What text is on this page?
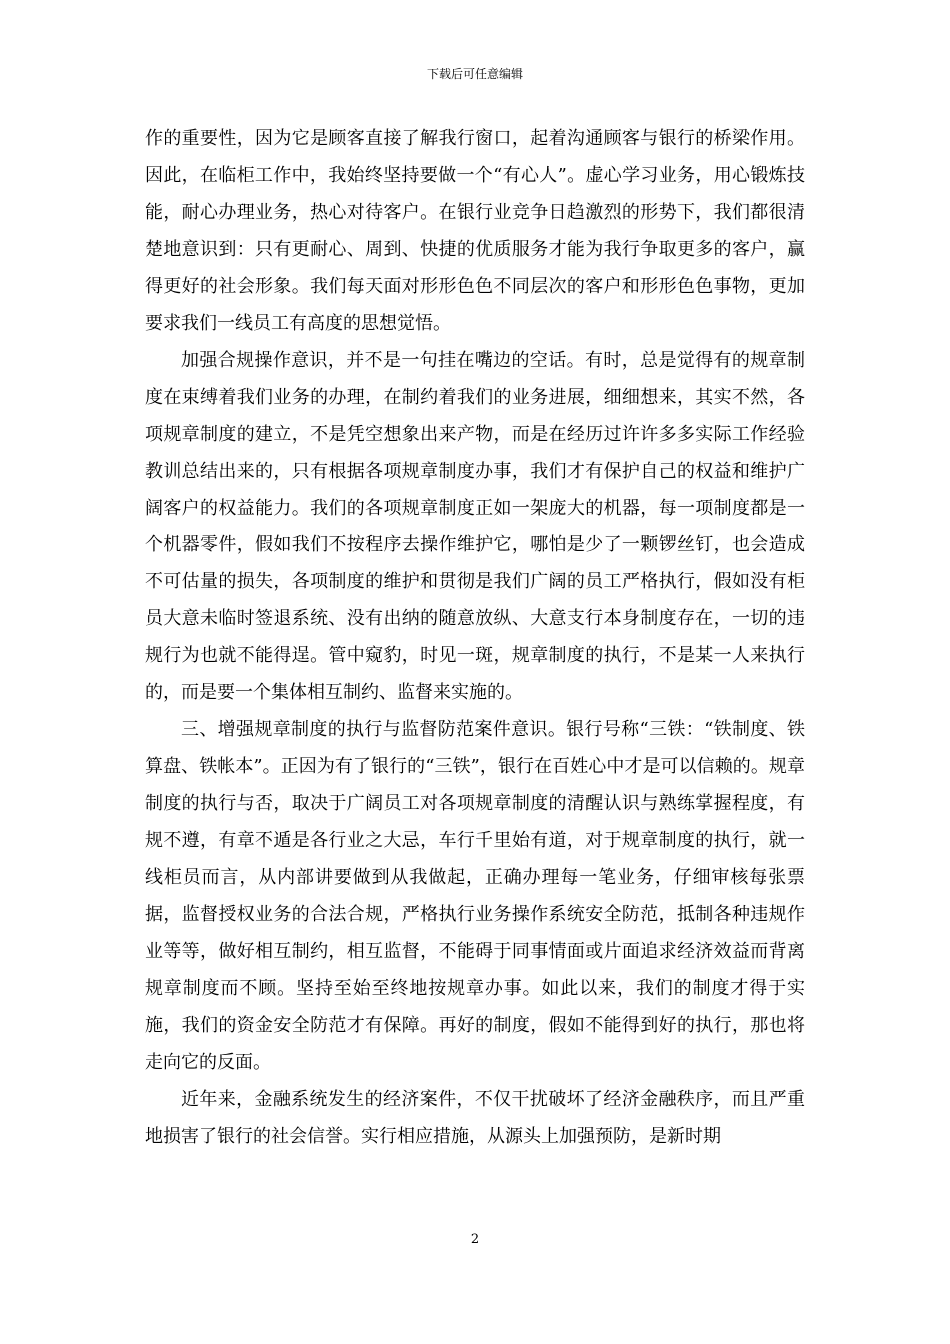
下载后可任意编辑

作的重要性，因为它是顾客直接了解我行窗口，起着沟通顾客与银行的桥梁作用。因此，在临柜工作中，我始终坚持要做一个“有心人”。虚心学习业务，用心锻炼技能，耐心办理业务，热心对待客户。在银行业竞争日趋激烈的形势下，我们都很清楚地意识到：只有更耐心、周到、快捷的优质服务才能为我行争取更多的客户，赢得更好的社会形象。我们每天面对形形色色不同层次的客户和形形色色事物，更加要求我们一线员工有高度的思想觉悟。

加强合规操作意识，并不是一句挂在嘴边的空话。有时，总是觉得有的规章制度在束缚着我们业务的办理，在制约着我们的业务进展，细细想来，其实不然，各项规章制度的建立，不是凭空想象出来产物，而是在经历过许许多多实际工作经验教训总结出来的，只有根据各项规章制度办事，我们才有保护自己的权益和维护广阔客户的权益能力。我们的各项规章制度正如一架庞大的机器，每一项制度都是一个机器零件，假如我们不按程序去操作维护它，哪怕是少了一颗锣丝钉，也会造成不可估量的损失，各项制度的维护和贯彻是我们广阔的员工严格执行，假如没有柜员大意未临时签退系统、没有出纳的随意放纵、大意支行本身制度存在，一切的违规行为也就不能得逞。管中窥豹，时见一斑，规章制度的执行，不是某一人来执行的，而是要一个集体相互制约、监督来实施的。

三、增强规章制度的执行与监督防范案件意识。银行号称“三铁：“铁制度、铁算盘、铁帐本”。正因为有了银行的“三铁”，银行在百姓心中才是可以信赖的。规章制度的执行与否，取决于广阔员工对各项规章制度的清醒认识与熟练掌握程度，有规不遵，有章不遁是各行业之大忌，车行千里始有道，对于规章制度的执行，就一线柜员而言，从内部讲要做到从我做起，正确办理每一笔业务，仔细审核每张票据，监督授权业务的合法合规，严格执行业务操作系统安全防范，抵制各种违规作业等等，做好相互制约，相互监督，不能碍于同事情面或片面追求经济效益而背离规章制度而不顾。坚持至始至终地按规章办事。如此以来，我们的制度才得于实施，我们的资金安全防范才有保障。再好的制度，假如不能得到好的执行，那也将走向它的反面。

近年来，金融系统发生的经济案件，不仅干扰破坏了经济金融秩序，而且严重地损害了银行的社会信誉。实行相应措施，从源头上加强预防，是新时期

2
